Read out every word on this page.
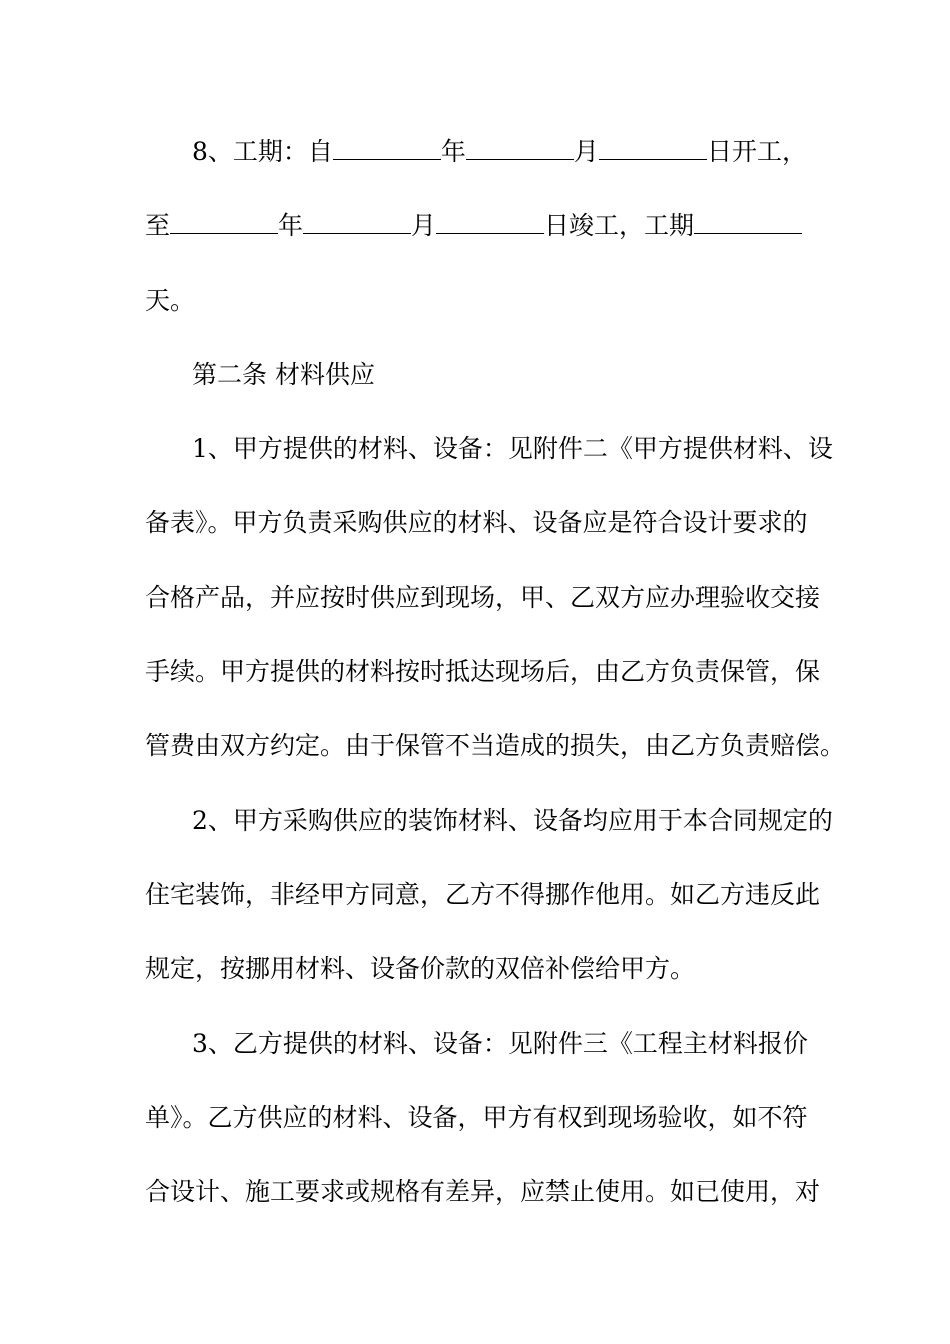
8、工期：自	年	月	日开工，
至	年	月	日竣工，工期
天。
第二条 材料供应
1、甲方提供的材料、设备：见附件二《甲方提供材料、设
备表》。甲方负责采购供应的材料、设备应是符合设计要求的
合格产品，并应按时供应到现场，甲、乙双方应办理验收交接
手续。甲方提供的材料按时抵达现场后，由乙方负责保管，保
管费由双方约定。由于保管不当造成的损失，由乙方负责赔偿。
2、甲方采购供应的装饰材料、设备均应用于本合同规定的
住宅装饰，非经甲方同意，乙方不得挪作他用。如乙方违反此
规定，按挪用材料、设备价款的双倍补偿给甲方。
3、乙方提供的材料、设备：见附件三《工程主材料报价
单》。乙方供应的材料、设备，甲方有权到现场验收，如不符
合设计、施工要求或规格有差异，应禁止使用。如已使用，对
